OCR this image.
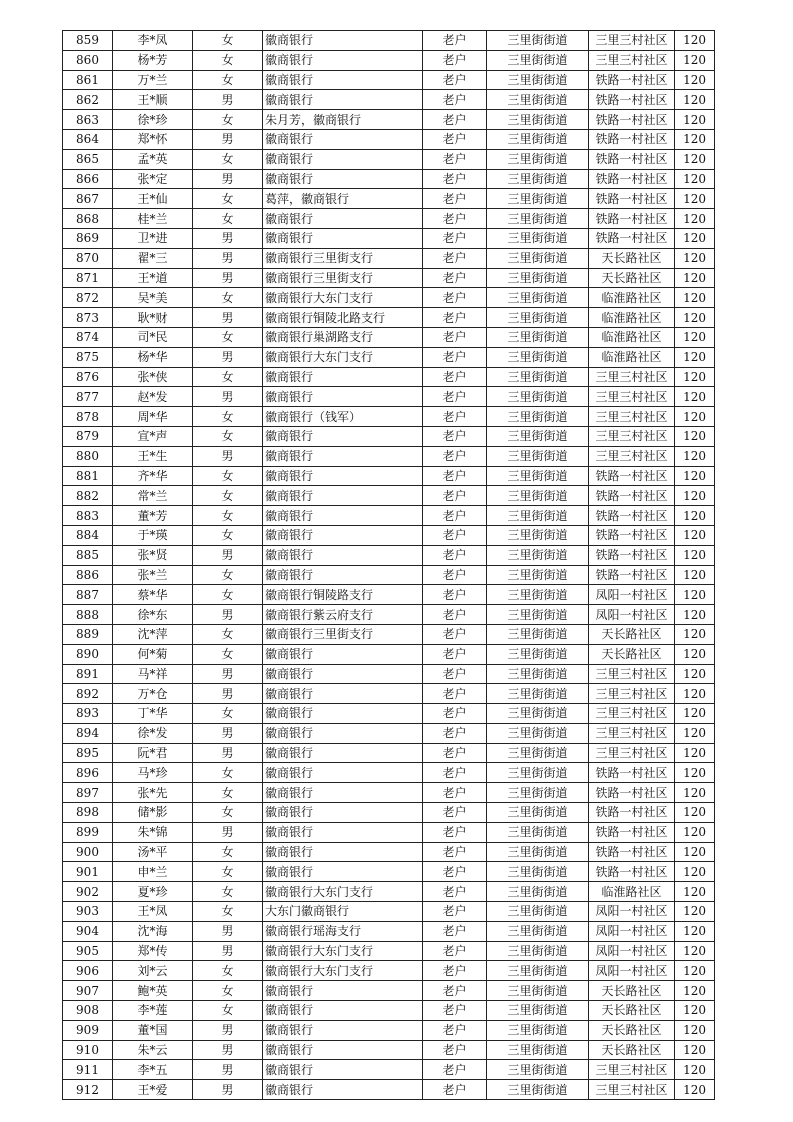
859	李*凤	女	徽商银行	老户	三里街街道	三里三村社区	120
860	杨*芳	女	徽商银行	老户	三里街街道	三里三村社区	120
861	万*兰	女	徽商银行	老户	三里街街道	铁路一村社区	120
862	王*顺	男	徽商银行	老户	三里街街道	铁路一村社区	120
863	徐*珍	女	朱月芳，徽商银行	老户	三里街街道	铁路一村社区	120
864	郑*怀	男	徽商银行	老户	三里街街道	铁路一村社区	120
865	孟*英	女	徽商银行	老户	三里街街道	铁路一村社区	120
866	张*定	男	徽商银行	老户	三里街街道	铁路一村社区	120
867	王*仙	女	葛萍，徽商银行	老户	三里街街道	铁路一村社区	120
868	桂*兰	女	徽商银行	老户	三里街街道	铁路一村社区	120
869	卫*进	男	徽商银行	老户	三里街街道	铁路一村社区	120
870	翟*三	男	徽商银行三里街支行	老户	三里街街道	天长路社区	120
871	王*道	男	徽商银行三里街支行	老户	三里街街道	天长路社区	120
872	吴*美	女	徽商银行大东门支行	老户	三里街街道	临淮路社区	120
873	耿*财	男	徽商银行铜陵北路支行	老户	三里街街道	临淮路社区	120
874	司*民	女	徽商银行巢湖路支行	老户	三里街街道	临淮路社区	120
875	杨*华	男	徽商银行大东门支行	老户	三里街街道	临淮路社区	120
876	张*侠	女	徽商银行	老户	三里街街道	三里三村社区	120
877	赵*发	男	徽商银行	老户	三里街街道	三里三村社区	120
878	周*华	女	徽商银行（钱军）	老户	三里街街道	三里三村社区	120
879	宣*声	女	徽商银行	老户	三里街街道	三里三村社区	120
880	王*生	男	徽商银行	老户	三里街街道	三里三村社区	120
881	齐*华	女	徽商银行	老户	三里街街道	铁路一村社区	120
882	常*兰	女	徽商银行	老户	三里街街道	铁路一村社区	120
883	董*芳	女	徽商银行	老户	三里街街道	铁路一村社区	120
884	于*瑛	女	徽商银行	老户	三里街街道	铁路一村社区	120
885	张*贤	男	徽商银行	老户	三里街街道	铁路一村社区	120
886	张*兰	女	徽商银行	老户	三里街街道	铁路一村社区	120
887	蔡*华	女	徽商银行铜陵路支行	老户	三里街街道	凤阳一村社区	120
888	徐*东	男	徽商银行紫云府支行	老户	三里街街道	凤阳一村社区	120
889	沈*萍	女	徽商银行三里街支行	老户	三里街街道	天长路社区	120
890	何*菊	女	徽商银行	老户	三里街街道	天长路社区	120
891	马*祥	男	徽商银行	老户	三里街街道	三里三村社区	120
892	万*仓	男	徽商银行	老户	三里街街道	三里三村社区	120
893	丁*华	女	徽商银行	老户	三里街街道	三里三村社区	120
894	徐*发	男	徽商银行	老户	三里街街道	三里三村社区	120
895	阮*君	男	徽商银行	老户	三里街街道	三里三村社区	120
896	马*珍	女	徽商银行	老户	三里街街道	铁路一村社区	120
897	张*先	女	徽商银行	老户	三里街街道	铁路一村社区	120
898	储*影	女	徽商银行	老户	三里街街道	铁路一村社区	120
899	朱*锦	男	徽商银行	老户	三里街街道	铁路一村社区	120
900	汤*平	女	徽商银行	老户	三里街街道	铁路一村社区	120
901	申*兰	女	徽商银行	老户	三里街街道	铁路一村社区	120
902	夏*珍	女	徽商银行大东门支行	老户	三里街街道	临淮路社区	120
903	王*凤	女	大东门徽商银行	老户	三里街街道	凤阳一村社区	120
904	沈*海	男	徽商银行瑶海支行	老户	三里街街道	凤阳一村社区	120
905	郑*传	男	徽商银行大东门支行	老户	三里街街道	凤阳一村社区	120
906	刘*云	女	徽商银行大东门支行	老户	三里街街道	凤阳一村社区	120
907	鲍*英	女	徽商银行	老户	三里街街道	天长路社区	120
908	李*莲	女	徽商银行	老户	三里街街道	天长路社区	120
909	董*国	男	徽商银行	老户	三里街街道	天长路社区	120
910	朱*云	男	徽商银行	老户	三里街街道	天长路社区	120
911	李*五	男	徽商银行	老户	三里街街道	三里三村社区	120
912	王*爱	男	徽商银行	老户	三里街街道	三里三村社区	120
